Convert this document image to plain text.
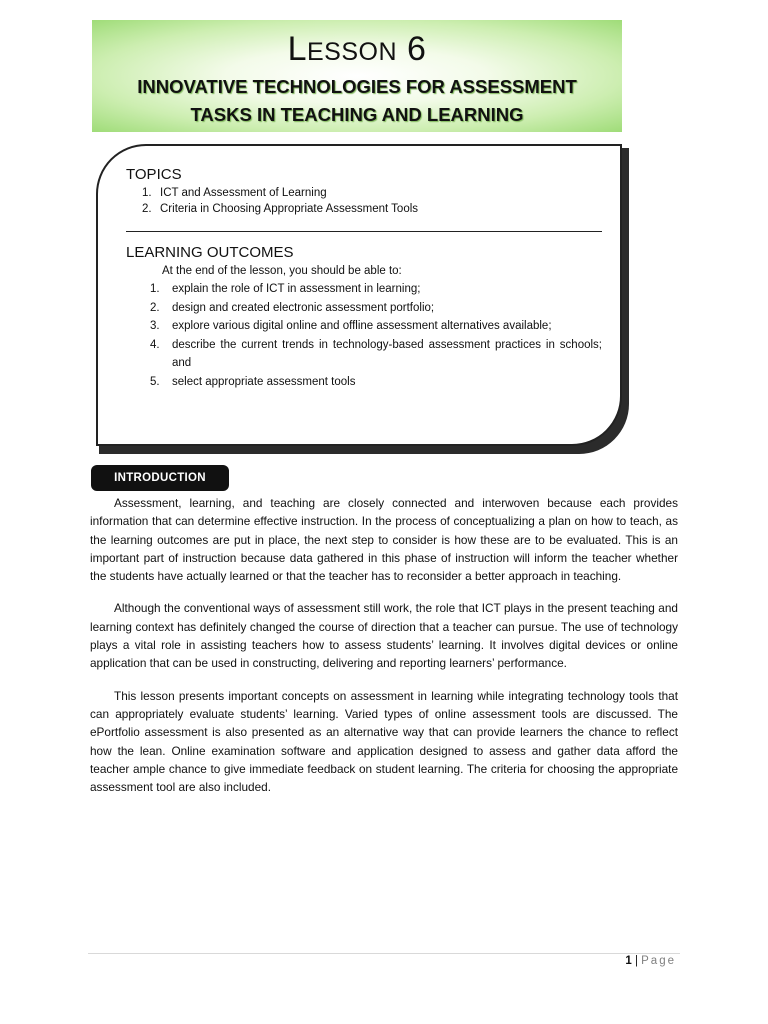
LESSON 6
INNOVATIVE TECHNOLOGIES FOR ASSESSMENT
TASKS IN TEACHING AND LEARNING
TOPICS
1. ICT and Assessment of Learning
2. Criteria in Choosing Appropriate Assessment Tools
LEARNING OUTCOMES
At the end of the lesson, you should be able to:
1. explain the role of ICT in assessment in learning;
2. design and created electronic assessment portfolio;
3. explore various digital online and offline assessment alternatives available;
4. describe the current trends in technology-based assessment practices in schools; and
5. select appropriate assessment tools
INTRODUCTION

Assessment, learning, and teaching are closely connected and interwoven because each provides information that can determine effective instruction. In the process of conceptualizing a plan on how to teach, as the learning outcomes are put in place, the next step to consider is how these are to be evaluated. This is an important part of instruction because data gathered in this phase of instruction will inform the teacher whether the students have actually learned or that the teacher has to reconsider a better approach in teaching.

Although the conventional ways of assessment still work, the role that ICT plays in the present teaching and learning context has definitely changed the course of direction that a teacher can pursue. The use of technology plays a vital role in assisting teachers how to assess students’ learning. It involves digital devices or online application that can be used in constructing, delivering and reporting learners’ performance.

This lesson presents important concepts on assessment in learning while integrating technology tools that can appropriately evaluate students’ learning. Varied types of online assessment tools are discussed. The ePortfolio assessment is also presented as an alternative way that can provide learners the chance to reflect how the lean. Online examination software and application designed to assess and gather data afford the teacher ample chance to give immediate feedback on student learning. The criteria for choosing the appropriate assessment tool are also included.

1 | Page
